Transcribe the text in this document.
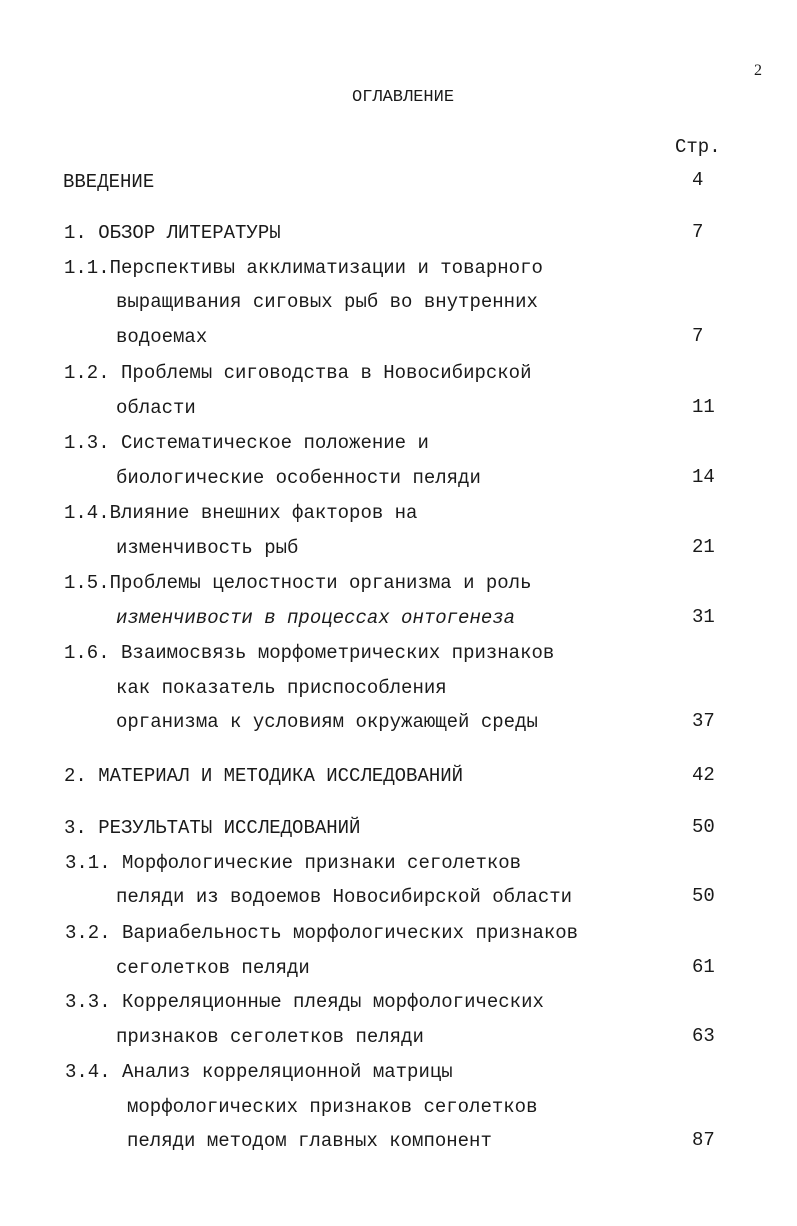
2
ОГЛАВЛЕНИЕ
Стр.
ВВЕДЕНИЕ	4
1. ОБЗОР ЛИТЕРАТУРЫ	7
1.1.Перспективы акклиматизации и товарного
выращивания сиговых рыб во внутренних
водоемах	7
1.2. Проблемы сиговодства в Новосибирской
области	11
1.3. Систематическое положение и
биологические особенности пеляди	14
1.4.Влияние внешних факторов на
изменчивость рыб	21
1.5.Проблемы целостности организма и роль
изменчивости в процессах онтогенеза	31
1.6. Взаимосвязь морфометрических признаков
как показатель приспособления
организма к условиям окружающей среды	37
2. МАТЕРИАЛ И МЕТОДИКА ИССЛЕДОВАНИЙ	42
3. РЕЗУЛЬТАТЫ ИССЛЕДОВАНИЙ	50
3.1. Морфологические признаки сеголетков
пеляди из водоемов Новосибирской области	50
3.2. Вариабельность морфологических признаков
сеголетков пеляди	61
3.3. Корреляционные плеяды морфологических
признаков сеголетков пеляди	63
3.4. Анализ корреляционной матрицы
морфологических признаков сеголетков
пеляди методом главных компонент	87
